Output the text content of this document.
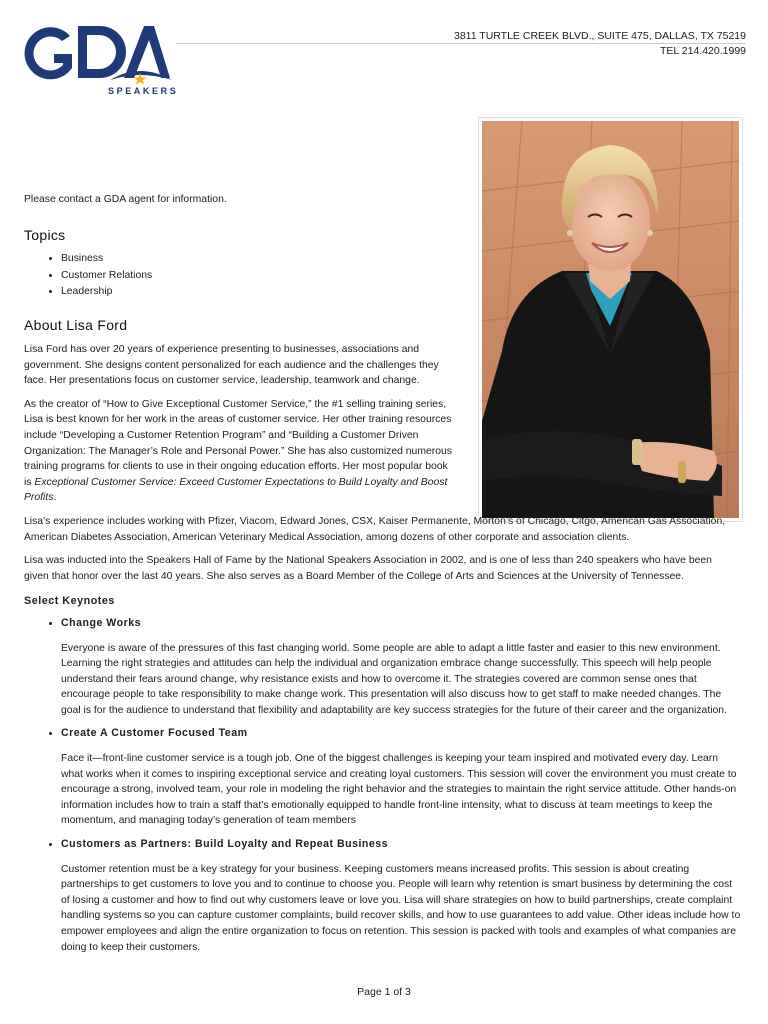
SPEAKERS
3811 TURTLE CREEK BLVD., SUITE 475, DALLAS, TX 75219
TEL 214.420.1999

Please contact a GDA agent for information.

Topics
• Business
• Customer Relations
• Leadership
About Lisa Ford

Lisa Ford has over 20 years of experience presenting to businesses, associations and government. She designs content personalized for each audience and the challenges they face. Her presentations focus on customer service, leadership, teamwork and change.

As the creator of “How to Give Exceptional Customer Service,” the #1 selling training series, Lisa is best known for her work in the areas of customer service. Her other training resources include “Developing a Customer Retention Program” and “Building a Customer Driven Organization: The Manager’s Role and Personal Power.” She has also customized numerous training programs for clients to use in their ongoing education efforts. Her most popular book is Exceptional Customer Service: Exceed Customer Expectations to Build Loyalty and Boost Profits.

Lisa’s experience includes working with Pfizer, Viacom, Edward Jones, CSX, Kaiser Permanente, Morton’s of Chicago, Citgo, American Gas Association, American Diabetes Association, American Veterinary Medical Association, among dozens of other corporate and association clients.

Lisa was inducted into the Speakers Hall of Fame by the National Speakers Association in 2002, and is one of less than 240 speakers who have been given that honor over the last 40 years. She also serves as a Board Member of the College of Arts and Sciences at the University of Tennessee.

Select Keynotes
• Change Works

Everyone is aware of the pressures of this fast changing world. Some people are able to adapt a little faster and easier to this new environment. Learning the right strategies and attitudes can help the individual and organization embrace change successfully. This speech will help people understand their fears around change, why resistance exists and how to overcome it. The strategies covered are common sense ones that encourage people to take responsibility to make change work. This presentation will also discuss how to get staff to make needed changes. The goal is for the audience to understand that flexibility and adaptability are key success strategies for the future of their career and the organization.

• Create A Customer Focused Team

Face it—front-line customer service is a tough job. One of the biggest challenges is keeping your team inspired and motivated every day. Learn what works when it comes to inspiring exceptional service and creating loyal customers. This session will cover the environment you must create to encourage a strong, involved team, your role in modeling the right behavior and the strategies to maintain the right service attitude. Other hands-on information includes how to train a staff that’s emotionally equipped to handle front-line intensity, what to discuss at team meetings to keep the momentum, and managing today’s generation of team members

• Customers as Partners: Build Loyalty and Repeat Business

Customer retention must be a key strategy for your business. Keeping customers means increased profits. This session is about creating partnerships to get customers to love you and to continue to choose you. People will learn why retention is smart business by determining the cost of losing a customer and how to find out why customers leave or love you. Lisa will share strategies on how to build partnerships, create complaint handling systems so you can capture customer complaints, build recover skills, and how to use guarantees to add value. Other ideas include how to empower employees and align the entire organization to focus on retention. This session is packed with tools and examples of what companies are doing to keep their customers.

Page 1 of 3
